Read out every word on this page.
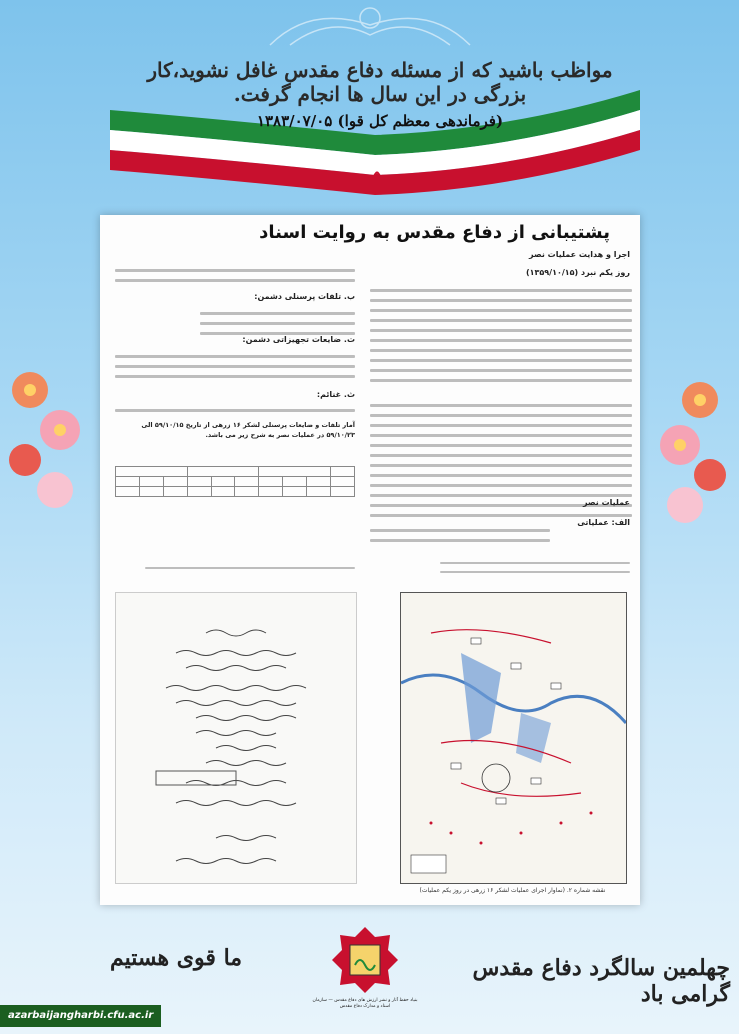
مواظب باشید که از مسئله دفاع مقدس غافل نشوید،کار بزرگی در این سال ها انجام گرفت.
(فرماندهی معظم کل قوا) ۱۳۸۳/۰۷/۰۵
پشتیبانی از دفاع مقدس به روایت اسناد
اجرا و هدایت عملیات نصر
روز یکم نبرد (۱۳۵۹/۱۰/۱۵)
عملیات نصر
الف: عملیاتی
ب. تلفات پرسنلی دشمن:
ت. ضایعات تجهیزاتی دشمن:
ث. غنائم:
آمار تلفات و ضایعات پرسنلی لشکر ۱۶ زرهی از تاریخ ۵۹/۱۰/۱۵ الی ۵۹/۱۰/۲۳ در عملیات نصر به شرح زیر می باشد.

نقشه شماره ۲. (نماوار اجرای عملیات لشکر ۱۶ زرهی در روز یکم عملیات)
ما قوی هستیم
بنیاد حفظ آثار و نشر ارزش های دفاع مقدس — سازمان اسناد و مدارک دفاع مقدس
چهلمین سالگرد دفاع مقدس گرامی باد
azarbaijangharbi.cfu.ac.ir
